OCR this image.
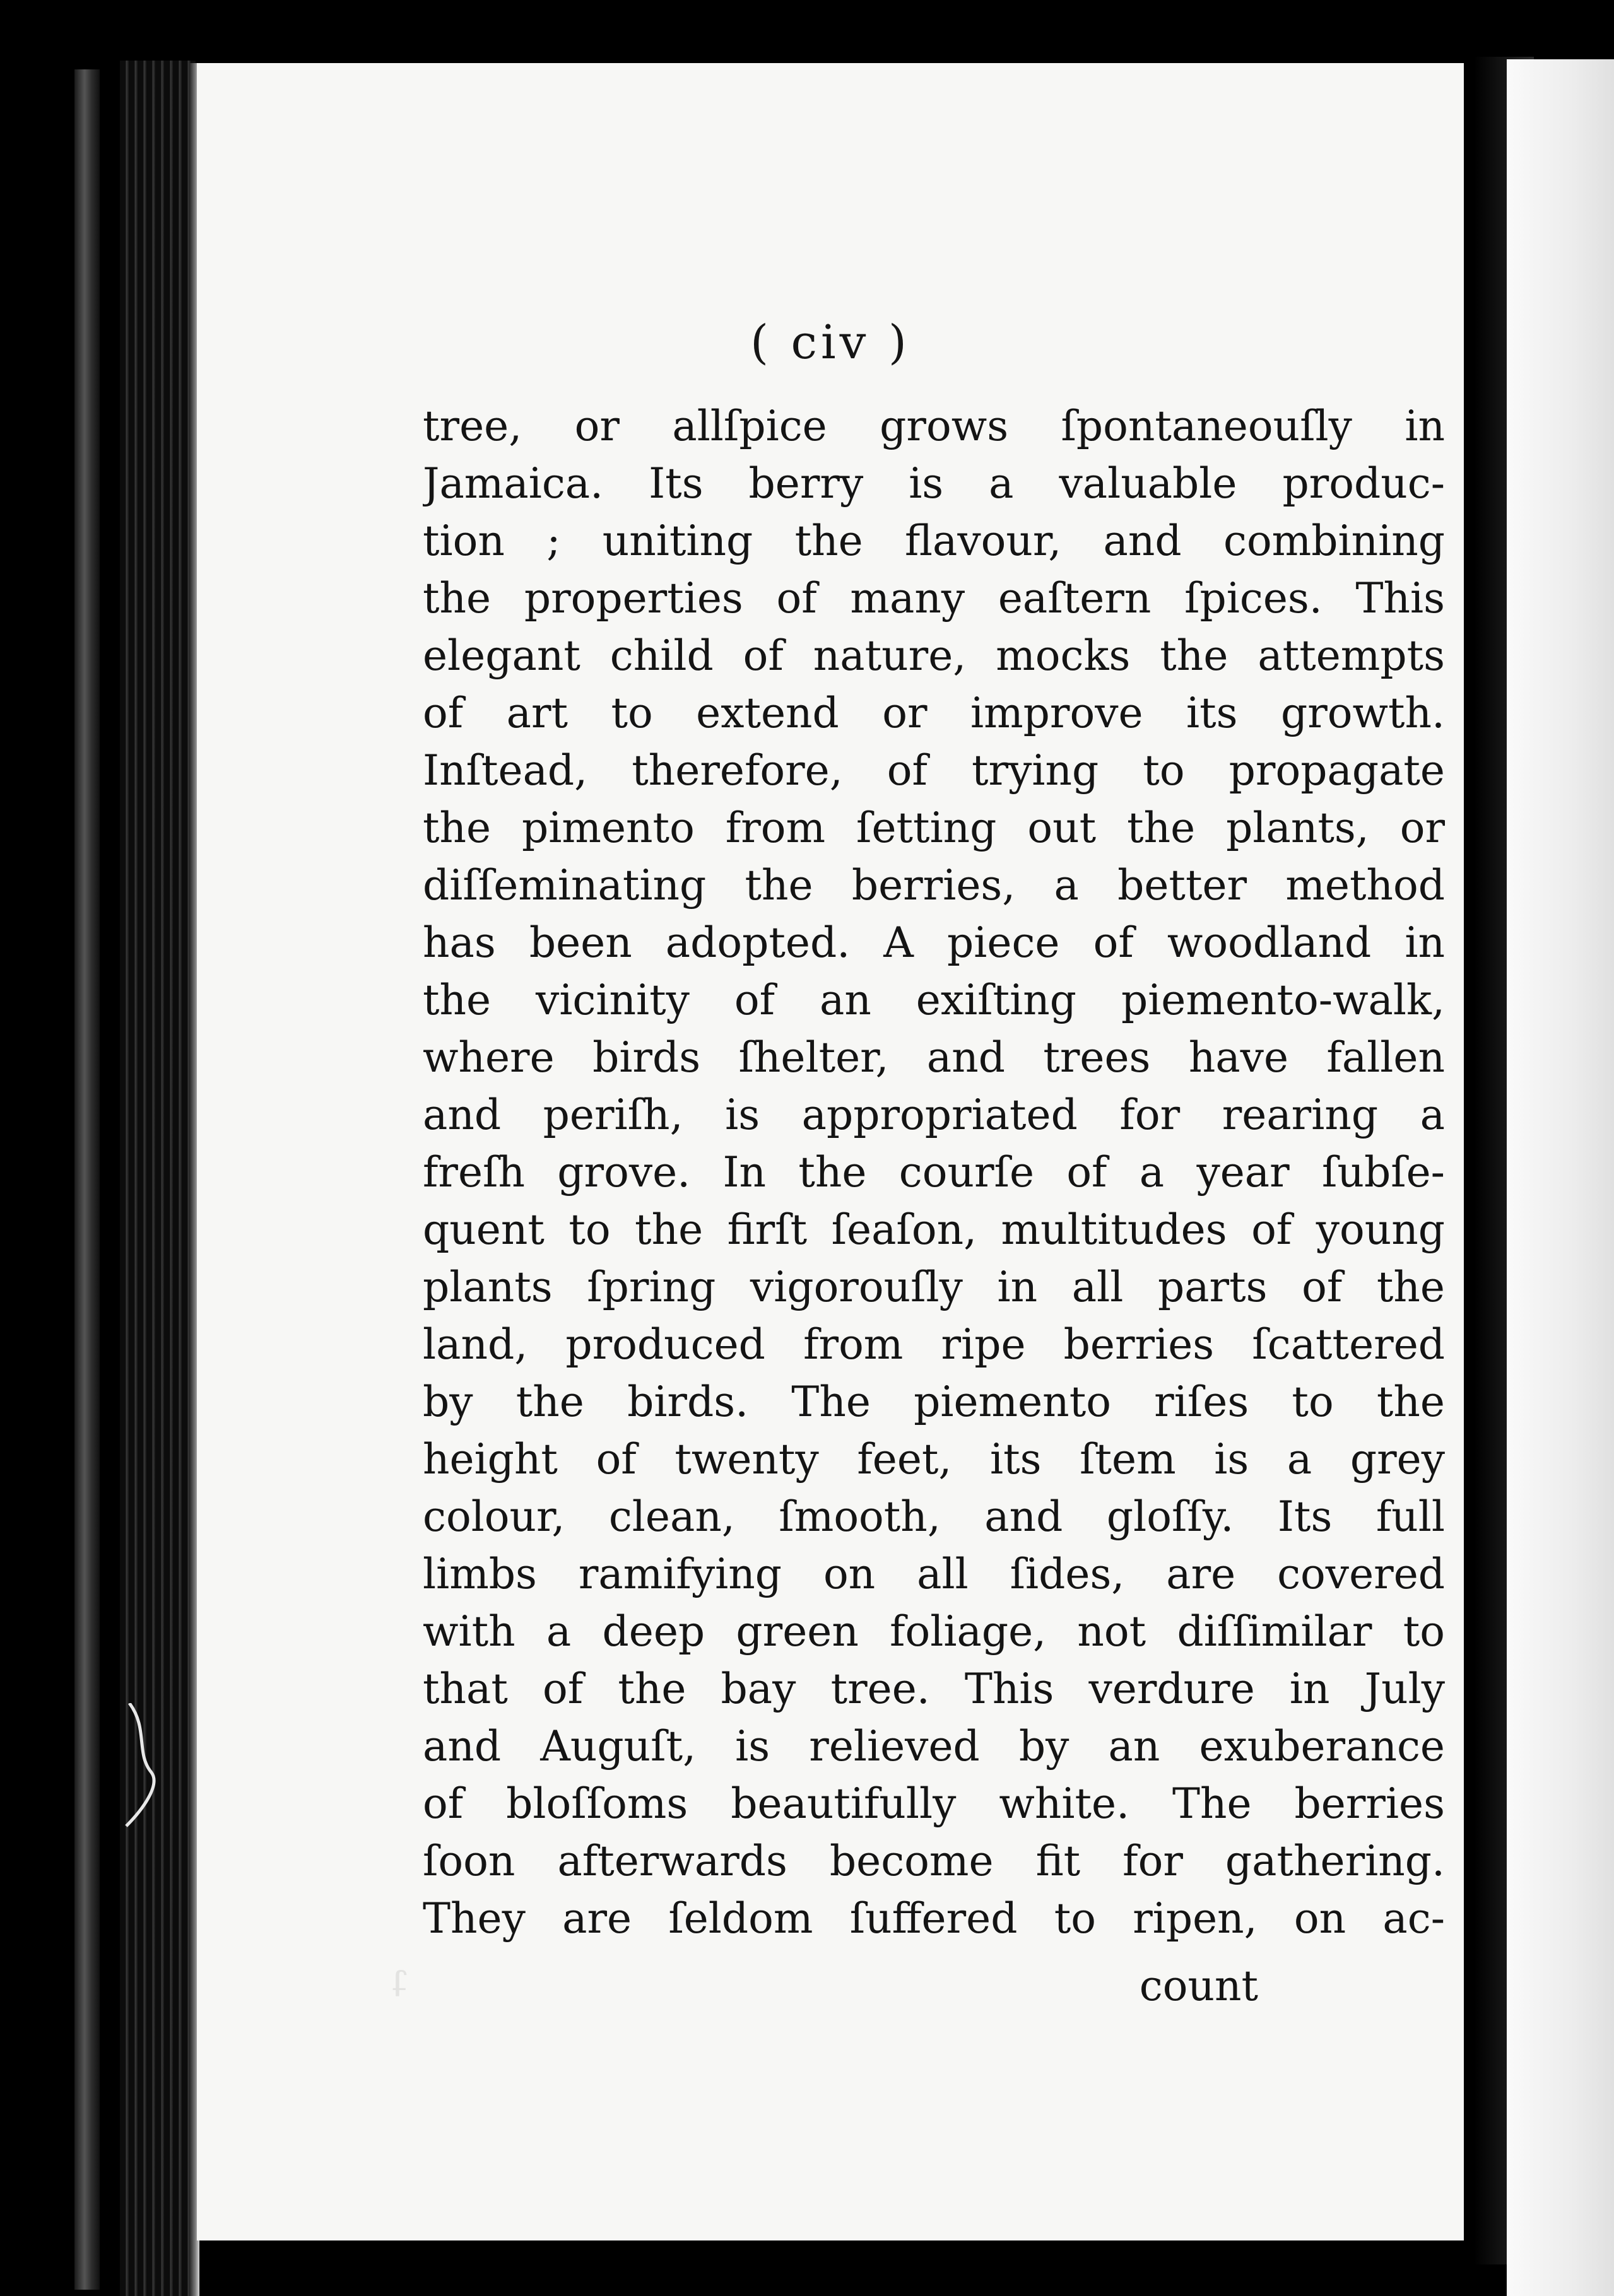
( civ )

ʇ
tree, or allſpice grows ſpontaneouſly in
Jamaica. Its berry is a valuable produc-
tion ; uniting the flavour, and combining
the properties of many eaſtern ſpices. This
elegant child of nature, mocks the attempts
of art to extend or improve its growth.
Inſtead, therefore, of trying to propagate
the pimento from ſetting out the plants, or
diſſeminating the berries, a better method
has been adopted. A piece of woodland in
the vicinity of an exiſting piemento-walk,
where birds ſhelter, and trees have fallen
and periſh, is appropriated for rearing a
freſh grove. In the courſe of a year ſubſe-
quent to the firſt ſeaſon, multitudes of young
plants ſpring vigorouſly in all parts of the
land, produced from ripe berries ſcattered
by the birds. The piemento riſes to the
height of twenty feet, its ſtem is a grey
colour, clean, ſmooth, and gloſſy. Its full
limbs ramifying on all ſides, are covered
with a deep green foliage, not diſſimilar to
that of the bay tree. This verdure in July
and Auguſt, is relieved by an exuberance
of bloſſoms beautifully white. The berries
ſoon afterwards become fit for gathering.
They are ſeldom ſuffered to ripen, on ac-

count
